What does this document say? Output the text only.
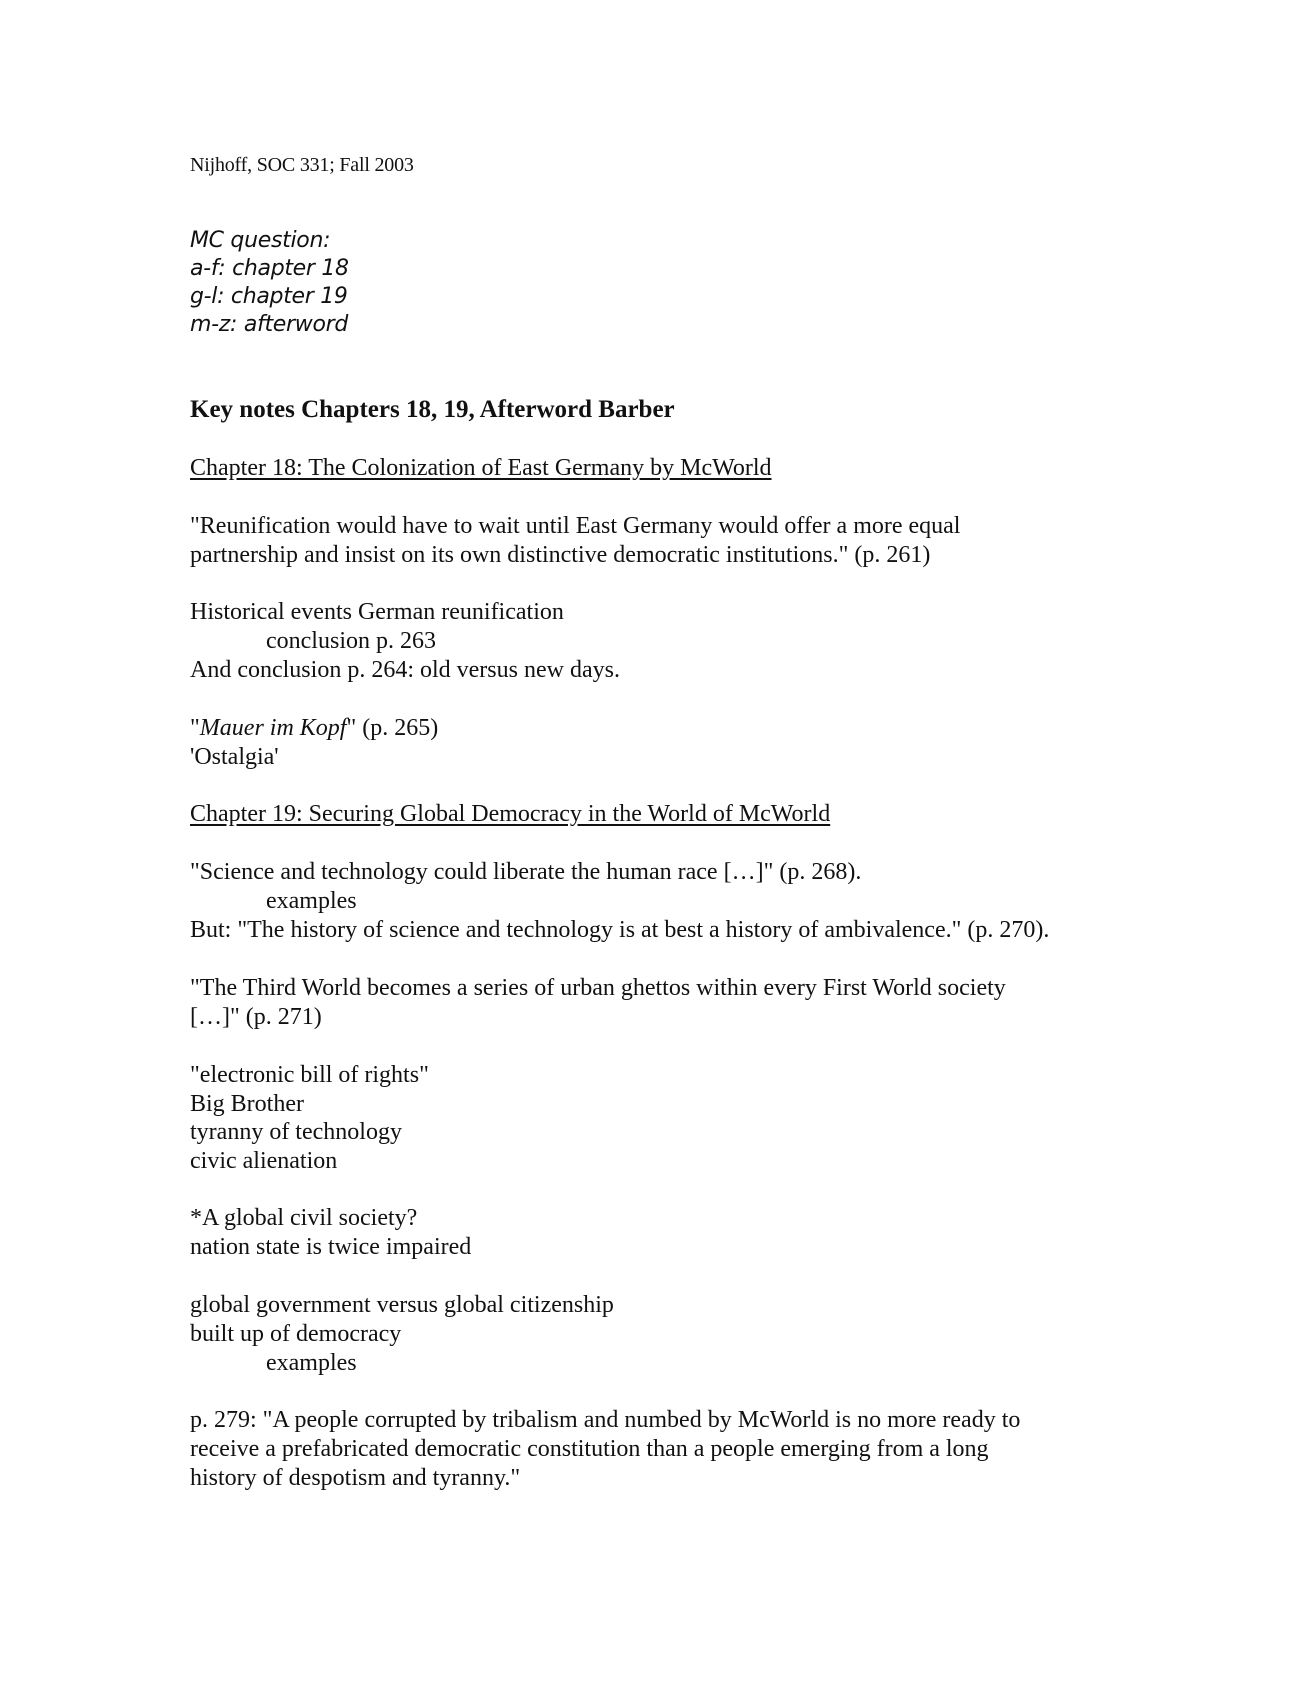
Nijhoff, SOC 331; Fall 2003
MC question:
a-f: chapter 18
g-l: chapter 19
m-z: afterword
Key notes Chapters 18, 19, Afterword Barber
Chapter 18: The Colonization of East Germany by McWorld
"Reunification would have to wait until East Germany would offer a more equal
partnership and insist on its own distinctive democratic institutions." (p. 261)
Historical events German reunification
conclusion p. 263
And conclusion p. 264: old versus new days.
"Mauer im Kopf" (p. 265)
'Ostalgia'
Chapter 19: Securing Global Democracy in the World of McWorld
"Science and technology could liberate the human race […]" (p. 268).
examples
But: "The history of science and technology is at best a history of ambivalence." (p. 270).
"The Third World becomes a series of urban ghettos within every First World society
[…]" (p. 271)
"electronic bill of rights"
Big Brother
tyranny of technology
civic alienation
*A global civil society?
nation state is twice impaired
global government versus global citizenship
built up of democracy
examples
p. 279: "A people corrupted by tribalism and numbed by McWorld is no more ready to
receive a prefabricated democratic constitution than a people emerging from a long
history of despotism and tyranny."
